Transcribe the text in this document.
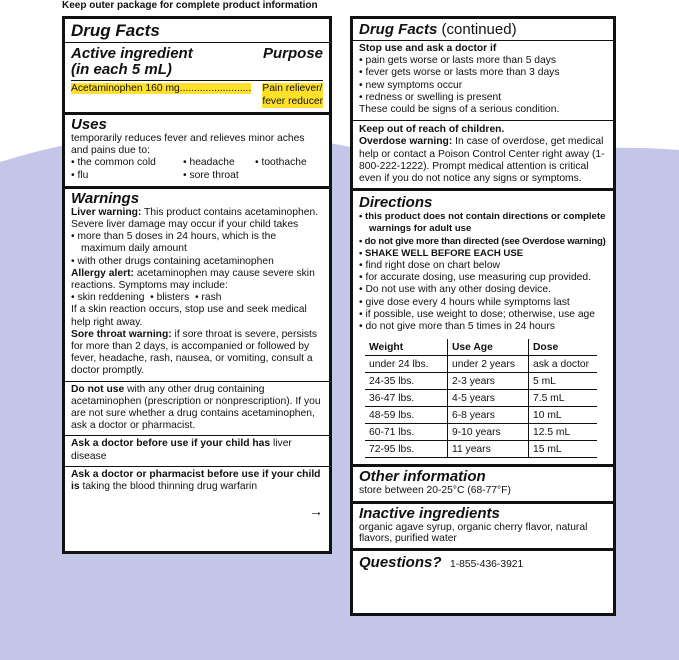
Keep outer package for complete product information
Drug Facts
Active ingredient
(in each 5 mL)
Purpose
Acetaminophen 160 mg......................... Pain reliever/
fever reducer
Uses
temporarily reduces fever and relieves minor aches and pains due to:
• the common cold	• headache	• toothache
• flu	• sore throat
Warnings
Liver warning: This product contains acetaminophen. Severe liver damage may occur if your child takes
• more than 5 doses in 24 hours, which is the maximum daily amount
• with other drugs containing acetaminophen
Allergy alert: acetaminophen may cause severe skin reactions. Symptoms may include:
• skin reddening  • blisters  • rash
If a skin reaction occurs, stop use and seek medical help right away.
Sore throat warning: if sore throat is severe, persists for more than 2 days, is accompanied or followed by fever, headache, rash, nausea, or vomiting, consult a doctor promptly.
Do not use with any other drug containing acetaminophen (prescription or nonprescription). If you are not sure whether a drug contains acetaminophen, ask a doctor or pharmacist.
Ask a doctor before use if your child has liver disease
Ask a doctor or pharmacist before use if your child is taking the blood thinning drug warfarin
→
Drug Facts (continued)
Stop use and ask a doctor if
• pain gets worse or lasts more than 5 days
• fever gets worse or lasts more than 3 days
• new symptoms occur
• redness or swelling is present
These could be signs of a serious condition.
Keep out of reach of children.
Overdose warning: In case of overdose, get medical help or contact a Poison Control Center right away (1-800-222-1222). Prompt medical attention is critical even if you do not notice any signs or symptoms.
Directions
• this product does not contain directions or complete warnings for adult use
• do not give more than directed (see Overdose warning)
• SHAKE WELL BEFORE EACH USE
• find right dose on chart below
• for accurate dosing, use measuring cup provided.
• Do not use with any other dosing device.
• give dose every 4 hours while symptoms last
• if possible, use weight to dose; otherwise, use age
• do not give more than 5 times in 24 hours
Weight	Use Age	Dose
under 24 lbs.	under 2 years	ask a doctor
24-35 lbs.	2-3 years	5 mL
36-47 lbs.	4-5 years	7.5 mL
48-59 lbs.	6-8 years	10 mL
60-71 lbs.	9-10 years	12.5 mL
72-95 lbs.	11 years	15 mL
Other information
store between 20-25°C (68-77°F)
Inactive ingredients
organic agave syrup, organic cherry flavor, natural flavors, purified water
Questions? 1-855-436-3921
